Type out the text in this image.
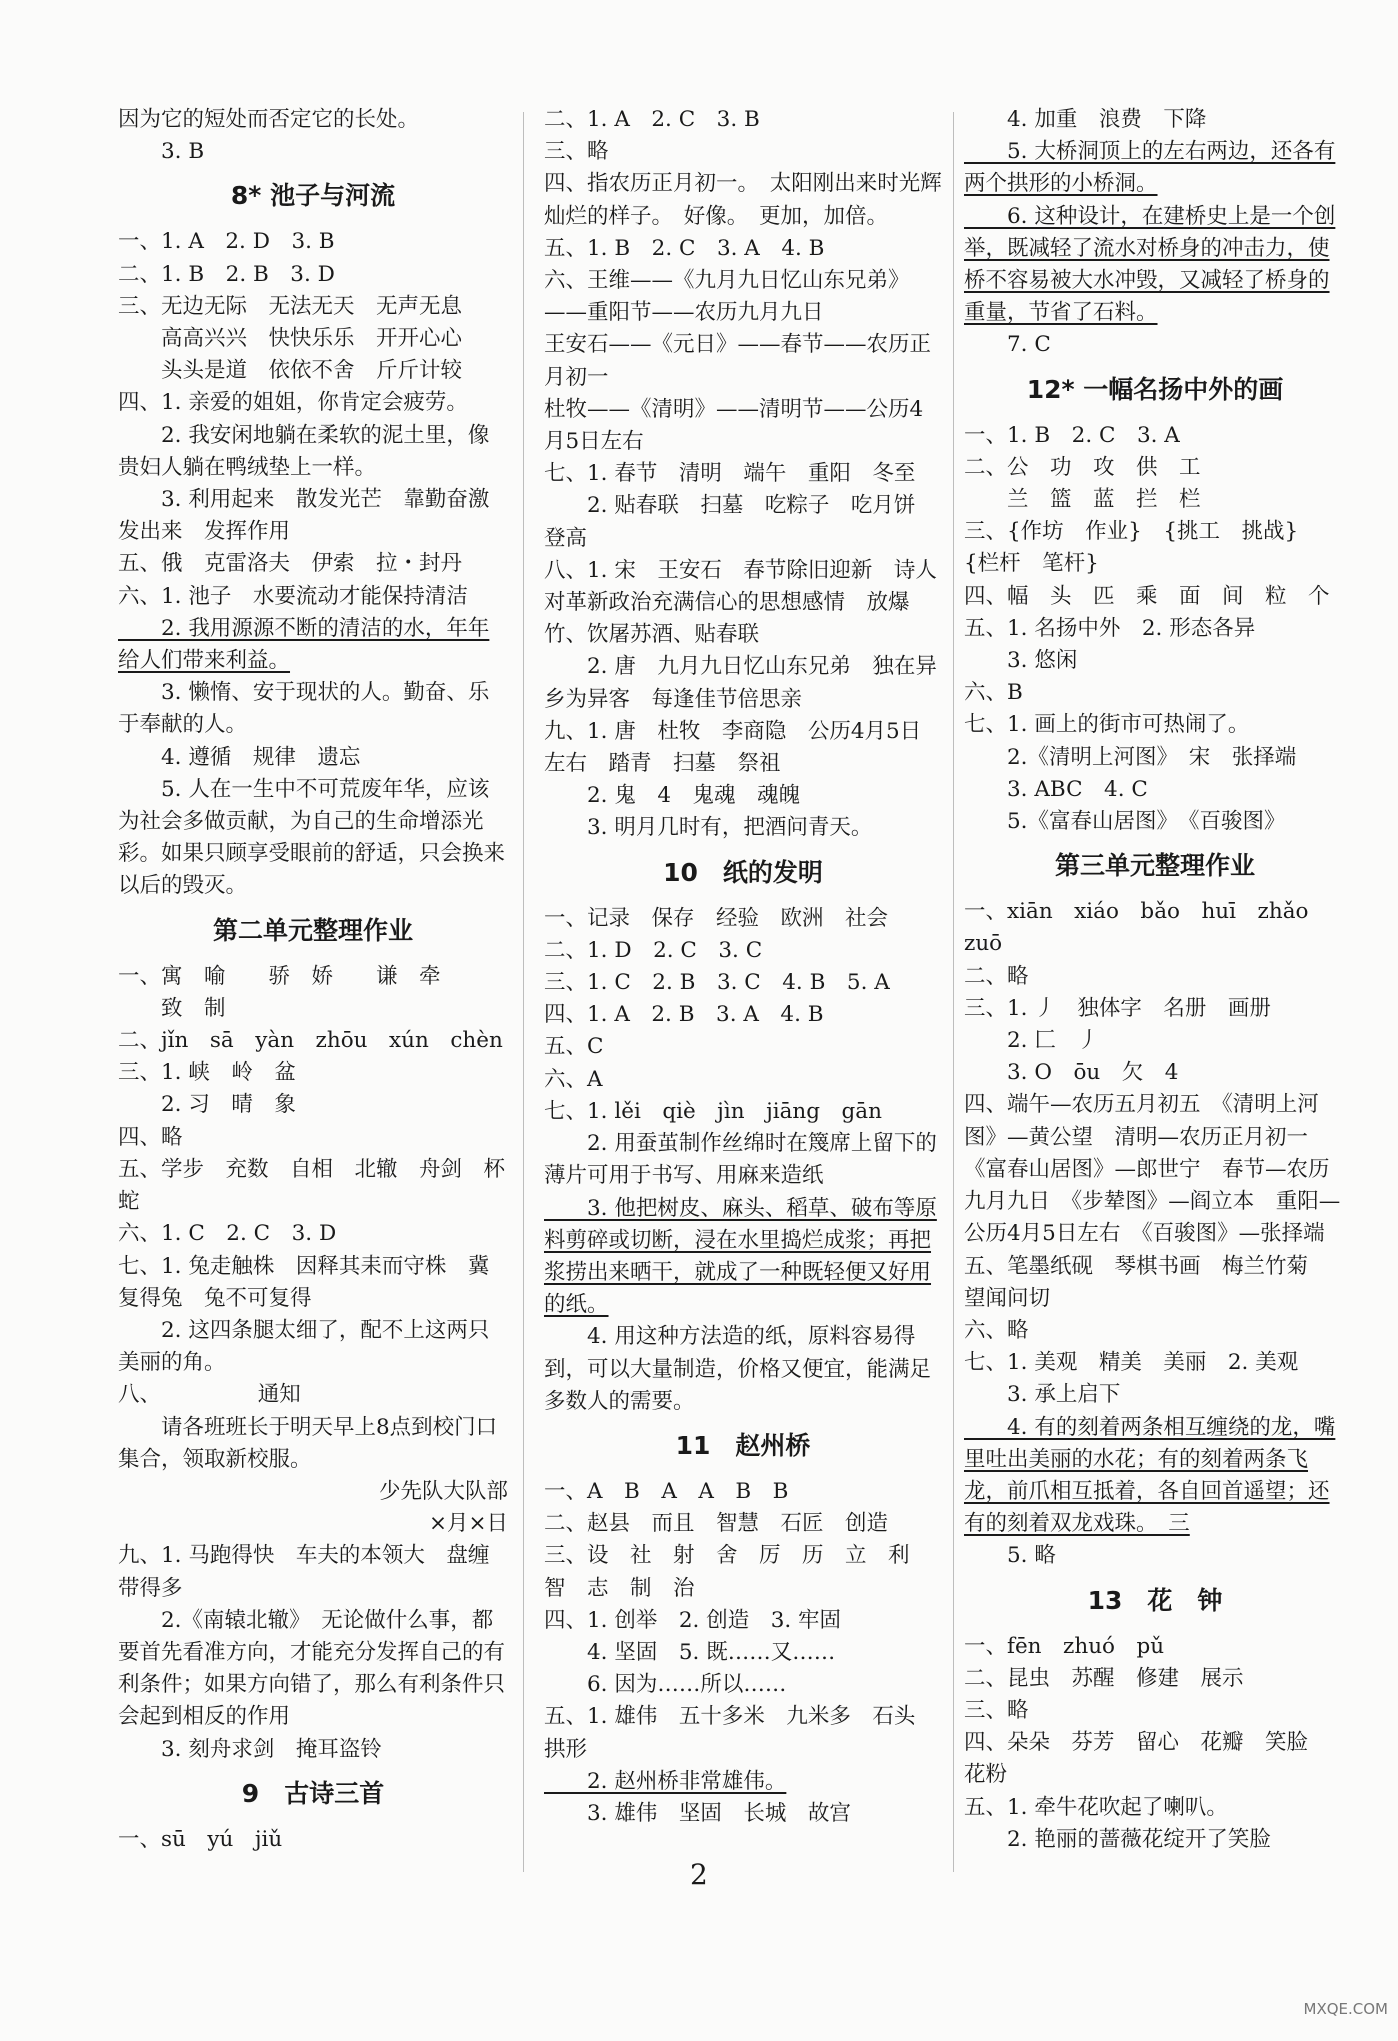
因为它的短处而否定它的长处。

　　3. B

8* 池子与河流

一、1. A　2. D　3. B

二、1. B　2. B　3. D

三、无边无际　无法无天　无声无息

　　高高兴兴　快快乐乐　开开心心

　　头头是道　依依不舍　斤斤计较

四、1. 亲爱的姐姐，你肯定会疲劳。

　　2. 我安闲地躺在柔软的泥土里，像贵妇人躺在鸭绒垫上一样。

　　3. 利用起来　散发光芒　靠勤奋激发出来　发挥作用

五、俄　克雷洛夫　伊索　拉・封丹

六、1. 池子　水要流动才能保持清洁

　　2. 我用源源不断的清洁的水，年年给人们带来利益。

　　3. 懒惰、安于现状的人。勤奋、乐于奉献的人。

　　4. 遵循　规律　遗忘

　　5. 人在一生中不可荒废年华，应该为社会多做贡献，为自己的生命增添光彩。如果只顾享受眼前的舒适，只会换来以后的毁灭。

第二单元整理作业

一、寓　喻　　骄　娇　　谦　牵

　　致　制

二、jǐn　sā　yàn　zhōu　xún　chèn

三、1. 峡　岭　盆

　　2. 习　晴　象

四、略

五、学步　充数　自相　北辙　舟剑　杯蛇

六、1. C　2. C　3. D

七、1. 兔走触株　因释其耒而守株　冀复得兔　兔不可复得

　　2. 这四条腿太细了，配不上这两只美丽的角。

八、　　　　　通知

　　请各班班长于明天早上8点到校门口集合，领取新校服。

少先队大队部

×月×日　

九、1. 马跑得快　车夫的本领大　盘缠带得多

　　2.《南辕北辙》　无论做什么事，都要首先看准方向，才能充分发挥自己的有利条件；如果方向错了，那么有利条件只会起到相反的作用

　　3. 刻舟求剑　掩耳盗铃

9　古诗三首

一、sū　yú　jiǔ

二、1. A　2. C　3. B

三、略

四、指农历正月初一。　太阳刚出来时光辉灿烂的样子。　好像。　更加，加倍。

五、1. B　2. C　3. A　4. B

六、王维——《九月九日忆山东兄弟》——重阳节——农历九月九日

王安石——《元日》——春节——农历正月初一

杜牧——《清明》——清明节——公历4月5日左右

七、1. 春节　清明　端午　重阳　冬至

　　2. 贴春联　扫墓　吃粽子　吃月饼　登高

八、1. 宋　王安石　春节除旧迎新　诗人对革新政治充满信心的思想感情　放爆竹、饮屠苏酒、贴春联

　　2. 唐　九月九日忆山东兄弟　独在异乡为异客　每逢佳节倍思亲

九、1. 唐　杜牧　李商隐　公历4月5日左右　踏青　扫墓　祭祖

　　2. 鬼　4　鬼魂　魂魄

　　3. 明月几时有，把酒问青天。

10　纸的发明

一、记录　保存　经验　欧洲　社会

二、1. D　2. C　3. C

三、1. C　2. B　3. C　4. B　5. A

四、1. A　2. B　3. A　4. B

五、C

六、A

七、1. lěi　qiè　jìn　jiāng　gān

　　2. 用蚕茧制作丝绵时在篾席上留下的薄片可用于书写、用麻来造纸

　　3. 他把树皮、麻头、稻草、破布等原料剪碎或切断，浸在水里捣烂成浆；再把浆捞出来晒干，就成了一种既轻便又好用的纸。

　　4. 用这种方法造的纸，原料容易得到，可以大量制造，价格又便宜，能满足多数人的需要。

11　赵州桥

一、A　B　A　A　B　B

二、赵县　而且　智慧　石匠　创造

三、设　社　射　舍　厉　历　立　利　智　志　制　治

四、1. 创举　2. 创造　3. 牢固

　　4. 坚固　5. 既……又……

　　6. 因为……所以……

五、1. 雄伟　五十多米　九米多　石头　拱形

　　2. 赵州桥非常雄伟。

　　3. 雄伟　坚固　长城　故宫

　　4. 加重　浪费　下降

　　5. 大桥洞顶上的左右两边，还各有两个拱形的小桥洞。

　　6. 这种设计，在建桥史上是一个创举，既减轻了流水对桥身的冲击力，使桥不容易被大水冲毁，又减轻了桥身的重量，节省了石料。

　　7. C

12* 一幅名扬中外的画

一、1. B　2. C　3. A

二、公　功　攻　供　工

　　兰　篮　蓝　拦　栏

三、{作坊　作业}　{挑工　挑战}　{栏杆　笔杆}

四、幅　头　匹　乘　面　间　粒　个

五、1. 名扬中外　2. 形态各异

　　3. 悠闲

六、B

七、1. 画上的街市可热闹了。

　　2.《清明上河图》　宋　张择端

　　3. ABC　4. C

　　5.《富春山居图》　《百骏图》

第三单元整理作业

一、xiān　xiáo　bǎo　huī　zhǎo　zuō

二、略

三、1. 丿　独体字　名册　画册

　　2. 匚　丿

　　3. O　ōu　欠　4

四、端午—农历五月初五　《清明上河图》—黄公望　清明—农历正月初一　《富春山居图》—郎世宁　春节—农历九月九日　《步辇图》—阎立本　重阳—公历4月5日左右　《百骏图》—张择端

五、笔墨纸砚　琴棋书画　梅兰竹菊　望闻问切

六、略

七、1. 美观　精美　美丽　2. 美观

　　3. 承上启下

　　4. 有的刻着两条相互缠绕的龙，嘴里吐出美丽的水花；有的刻着两条飞龙，前爪相互抵着，各自回首遥望；还有的刻着双龙戏珠。　三

　　5. 略

13　花　钟

一、fēn　zhuó　pǔ

二、昆虫　苏醒　修建　展示

三、略

四、朵朵　芬芳　留心　花瓣　笑脸　花粉

五、1. 牵牛花吹起了喇叭。

　　2. 艳丽的蔷薇花绽开了笑脸

2
MXQE.COM
